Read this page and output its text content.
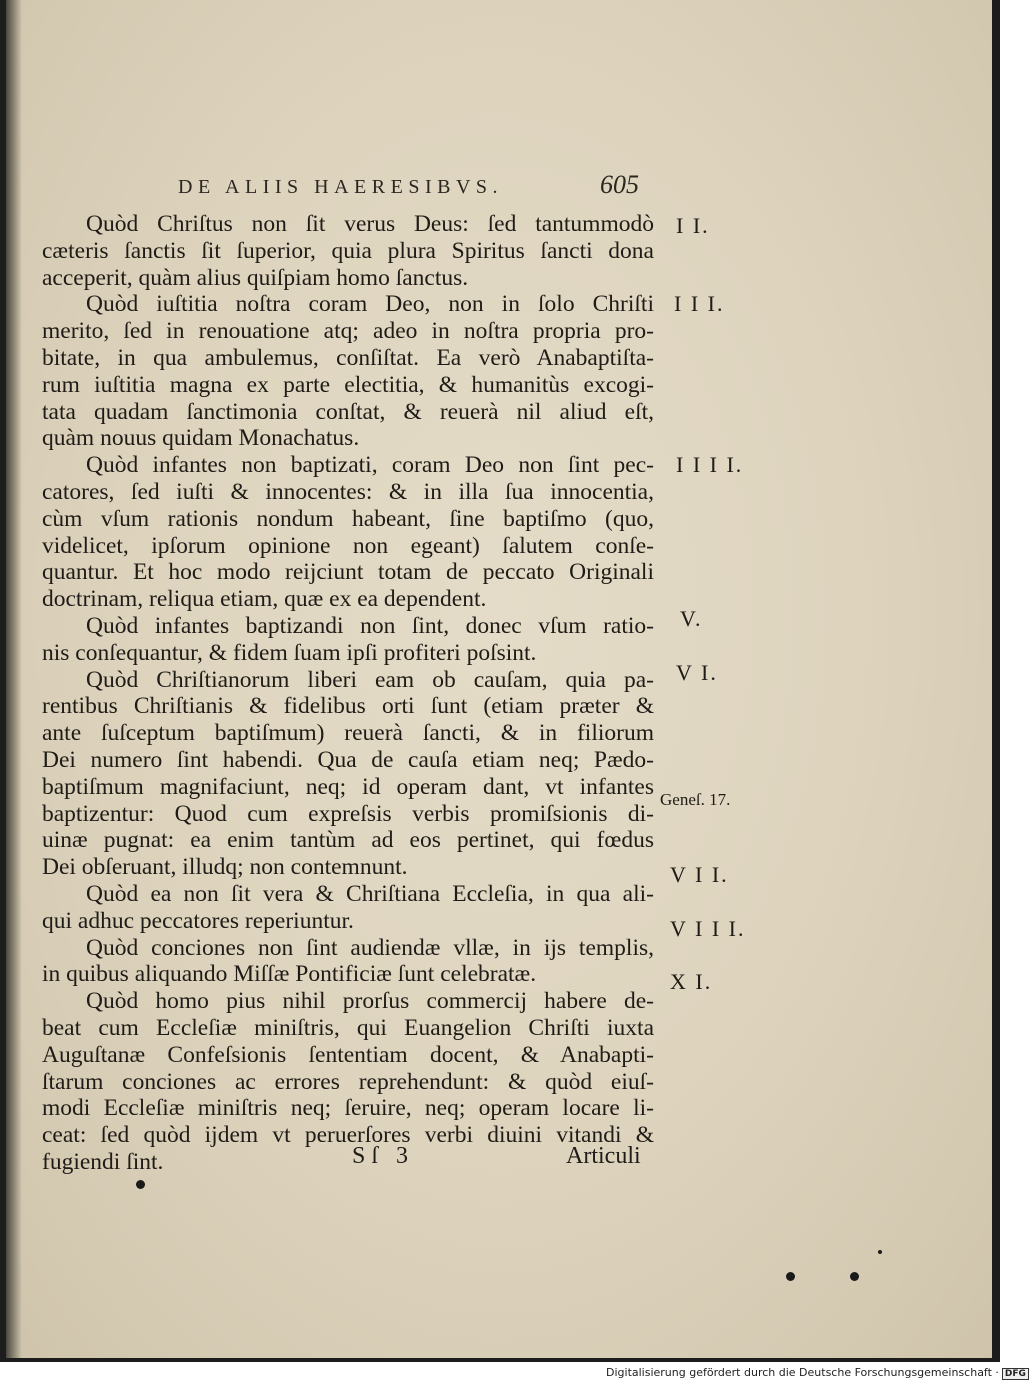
DE ALIIS HAERESIBVS.	605
Quòd Chriſtus non ſit verus Deus: ſed tantummodò
cæteris ſanctis ſit ſuperior, quia plura Spiritus ſancti dona
acceperit, quàm alius quiſpiam homo ſanctus.
Quòd iuſtitia noſtra coram Deo, non in ſolo Chriſti
merito, ſed in renouatione atq; adeo in noſtra propria pro-
bitate, in qua ambulemus, conſiſtat. Ea verò Anabaptiſta-
rum iuſtitia magna ex parte electitia, & humanitùs excogi-
tata quadam ſanctimonia conſtat, & reuerà nil aliud eſt,
quàm nouus quidam Monachatus.
Quòd infantes non baptizati, coram Deo non ſint pec-
catores, ſed iuſti & innocentes: & in illa ſua innocentia,
cùm vſum rationis nondum habeant, ſine baptiſmo (quo,
videlicet, ipſorum opinione non egeant) ſalutem conſe-
quantur. Et hoc modo reijciunt totam de peccato Originali
doctrinam, reliqua etiam, quæ ex ea dependent.
Quòd infantes baptizandi non ſint, donec vſum ratio-
nis conſequantur, & fidem ſuam ipſi profiteri poſsint.
Quòd Chriſtianorum liberi eam ob cauſam, quia pa-
rentibus Chriſtianis & fidelibus orti ſunt (etiam præter &
ante ſuſceptum baptiſmum) reuerà ſancti, & in filiorum
Dei numero ſint habendi. Qua de cauſa etiam neq; Pædo-
baptiſmum magnifaciunt, neq; id operam dant, vt infantes
baptizentur: Quod cum expreſsis verbis promiſsionis di-
uinæ pugnat: ea enim tantùm ad eos pertinet, qui fœdus
Dei obſeruant, illudq; non contemnunt.
Quòd ea non ſit vera & Chriſtiana Eccleſia, in qua ali-
qui adhuc peccatores reperiuntur.
Quòd conciones non ſint audiendæ vllæ, in ijs templis,
in quibus aliquando Miſſæ Pontificiæ ſunt celebratæ.
Quòd homo pius nihil prorſus commercij habere de-
beat cum Eccleſiæ miniſtris, qui Euangelion Chriſti iuxta
Auguſtanæ Confeſsionis ſententiam docent, & Anabapti-
ſtarum conciones ac errores reprehendunt: & quòd eiuſ-
modi Eccleſiæ miniſtris neq; ſeruire, neq; operam locare li-
ceat: ſed quòd ijdem vt peruerſores verbi diuini vitandi &
fugiendi ſint.
I I.
I I I.
I I I I.
V.
V I.
Geneſ. 17.
V I I.
V I I I.
X I.
Sſ 3	Articuli
Digitalisierung gefördert durch die Deutsche Forschungsgemeinschaft · DFG
